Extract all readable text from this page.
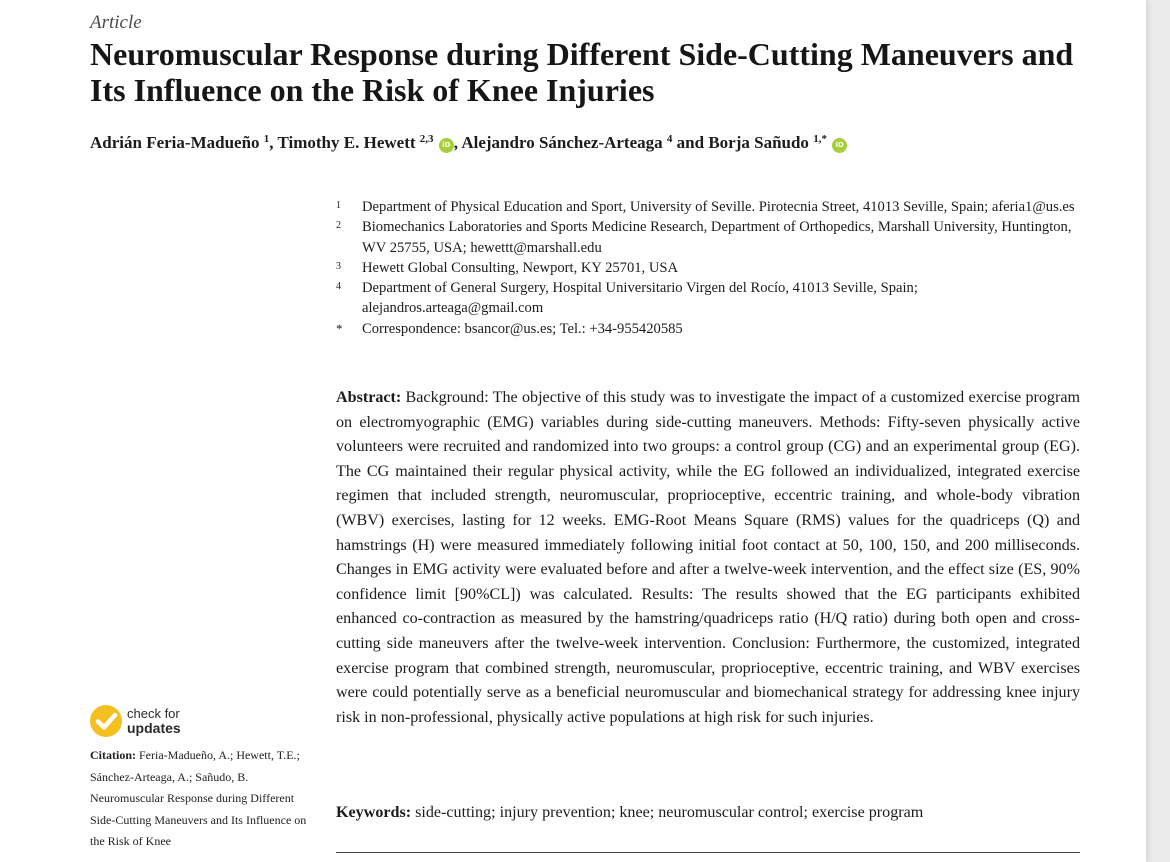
Article
Neuromuscular Response during Different Side-Cutting Maneuvers and Its Influence on the Risk of Knee Injuries
Adrián Feria-Madueño $^1$, Timothy E. Hewett $^{2,3}$ iD , Alejandro Sánchez-Arteaga $^4$ and Borja Sañudo $^{1,*}$ iD
1 Department of Physical Education and Sport, University of Seville. Pirotecnia Street, 41013 Seville, Spain; aferia1@us.es
2 Biomechanics Laboratories and Sports Medicine Research, Department of Orthopedics, Marshall University, Huntington, WV 25755, USA; hewettt@marshall.edu
3 Hewett Global Consulting, Newport, KY 25701, USA
4 Department of General Surgery, Hospital Universitario Virgen del Rocío, 41013 Seville, Spain; alejandros.arteaga@gmail.com
* Correspondence: bsancor@us.es; Tel.: +34-955420585

Abstract: Background: The objective of this study was to investigate the impact of a customized exercise program on electromyographic (EMG) variables during side-cutting maneuvers. Methods: Fifty-seven physically active volunteers were recruited and randomized into two groups: a control group (CG) and an experimental group (EG). The CG maintained their regular physical activity, while the EG followed an individualized, integrated exercise regimen that included strength, neuromuscular, proprioceptive, eccentric training, and whole-body vibration (WBV) exercises, lasting for 12 weeks. EMG-Root Means Square (RMS) values for the quadriceps (Q) and hamstrings (H) were measured immediately following initial foot contact at 50, 100, 150, and 200 milliseconds. Changes in EMG activity were evaluated before and after a twelve-week intervention, and the effect size (ES, 90% confidence limit [90%CL]) was calculated. Results: The results showed that the EG participants exhibited enhanced co-contraction as measured by the hamstring/quadriceps ratio (H/Q ratio) during both open and cross-cutting side maneuvers after the twelve-week intervention. Conclusion: Furthermore, the customized, integrated exercise program that combined strength, neuromuscular, proprioceptive, eccentric training, and WBV exercises were could potentially serve as a beneficial neuromuscular and biomechanical strategy for addressing knee injury risk in non-professional, physically active populations at high risk for such injuries.

Keywords: side-cutting; injury prevention; knee; neuromuscular control; exercise program

check for
updates

Citation: Feria-Madueño, A.; Hewett, T.E.; Sánchez-Arteaga, A.; Sañudo, B. Neuromuscular Response during Different Side-Cutting Maneuvers and Its Influence on the Risk of Knee
